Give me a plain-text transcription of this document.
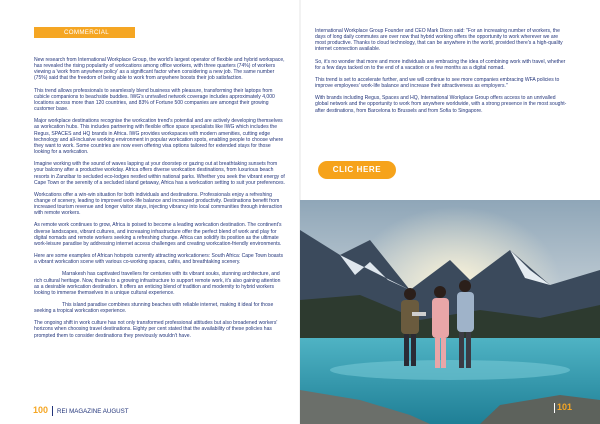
COMMERCIAL

New research from International Workplace Group, the world's largest operator of flexible and hybrid workspace, has revealed the rising popularity of workcations among office workers, with three quarters (74%) of workers viewing a 'work from anywhere policy' as a significant factor when considering a new job. The same number (75%) said that the freedom of being able to work from anywhere boosts their job satisfaction.

This trend allows professionals to seamlessly blend business with pleasure, transforming their laptops from cubicle companions to beachside buddies. IWG's unrivalled network coverage includes approximately 4,000 locations across more than 120 countries, and 83% of Fortune 500 companies are amongst their growing customer base.

Major workplace destinations recognise the workcation trend's potential and are actively developing themselves as workcation hubs. This includes partnering with flexible office space specialists like IWG which includes the Regus, SPACES and HQ brands in Africa. IWG provides workspaces with modern amenities, cutting edge technology and all-inclusive working environment in popular workcation spots, enabling people to choose where they want to work. Some countries are now even offering visa options tailored for extended stays for those looking for a workcation.

Imagine working with the sound of waves lapping at your doorstep or gazing out at breathtaking sunsets from your balcony after a productive workday. Africa offers diverse workcation destinations, from luxurious beach resorts in Zanzibar to secluded eco-lodges nestled within national parks. Whether you seek the vibrant energy of Cape Town or the serenity of a secluded island getaway, Africa has a workcation setting to suit your preferences.

Workcations offer a win-win situation for both individuals and destinations. Professionals enjoy a refreshing change of scenery, leading to improved work-life balance and increased productivity. Destinations benefit from increased tourism revenue and longer visitor stays, injecting vibrancy into local communities through interaction with remote workers.

As remote work continues to grow, Africa is poised to become a leading workcation destination. The continent's diverse landscapes, vibrant cultures, and increasing infrastructure offer the perfect blend of work and play for digital nomads and remote workers seeking a refreshing change. Africa can solidify its position as the ultimate work-leisure paradise by addressing internet access challenges and creating workcation-friendly environments.

Here are some examples of African hotspots currently attracting workcationers: South Africa: Cape Town boasts a vibrant workcation scene with various co-working spaces, cafés, and breathtaking scenery.

Marrakesh has captivated travellers for centuries with its vibrant souks, stunning architecture, and rich cultural heritage. Now, thanks to a growing infrastructure to support remote work, it's also gaining attention as a desirable workcation destination. It offers an enticing blend of tradition and modernity to hybrid workers looking to immerse themselves in a unique cultural experience.

This island paradise combines stunning beaches with reliable internet, making it ideal for those seeking a tropical workcation experience.

The ongoing shift in work culture has not only transformed professional attitudes but also broadened workers' horizons when choosing travel destinations. Eighty per cent stated that the availability of these policies has prompted them to consider destinations they previously wouldn't have.

International Workplace Group Founder and CEO Mark Dixon said: "For an increasing number of workers, the days of long daily commutes are over now that hybrid working offers the opportunity to work wherever we are most productive. Thanks to cloud technology, that can be anywhere in the world, provided there's a high-quality internet connection available.

So, it's no wonder that more and more individuals are embracing the idea of combining work with travel, whether for a few days tacked on to the end of a vacation or a few months as a digital nomad.

This trend is set to accelerate further, and we will continue to see more companies embracing WFA policies to improve employees' work-life balance and increase their attractiveness as employers."

With brands including Regus, Spaces and HQ, International Workplace Group offers access to an unrivalled global network and the opportunity to work from anywhere worldwide, with a strong presence in the most sought-after destinations, from Barcelona to Brussels and from Sofia to Singapore.

CLIC HERE
100 REI MAGAZINE AUGUST	101
